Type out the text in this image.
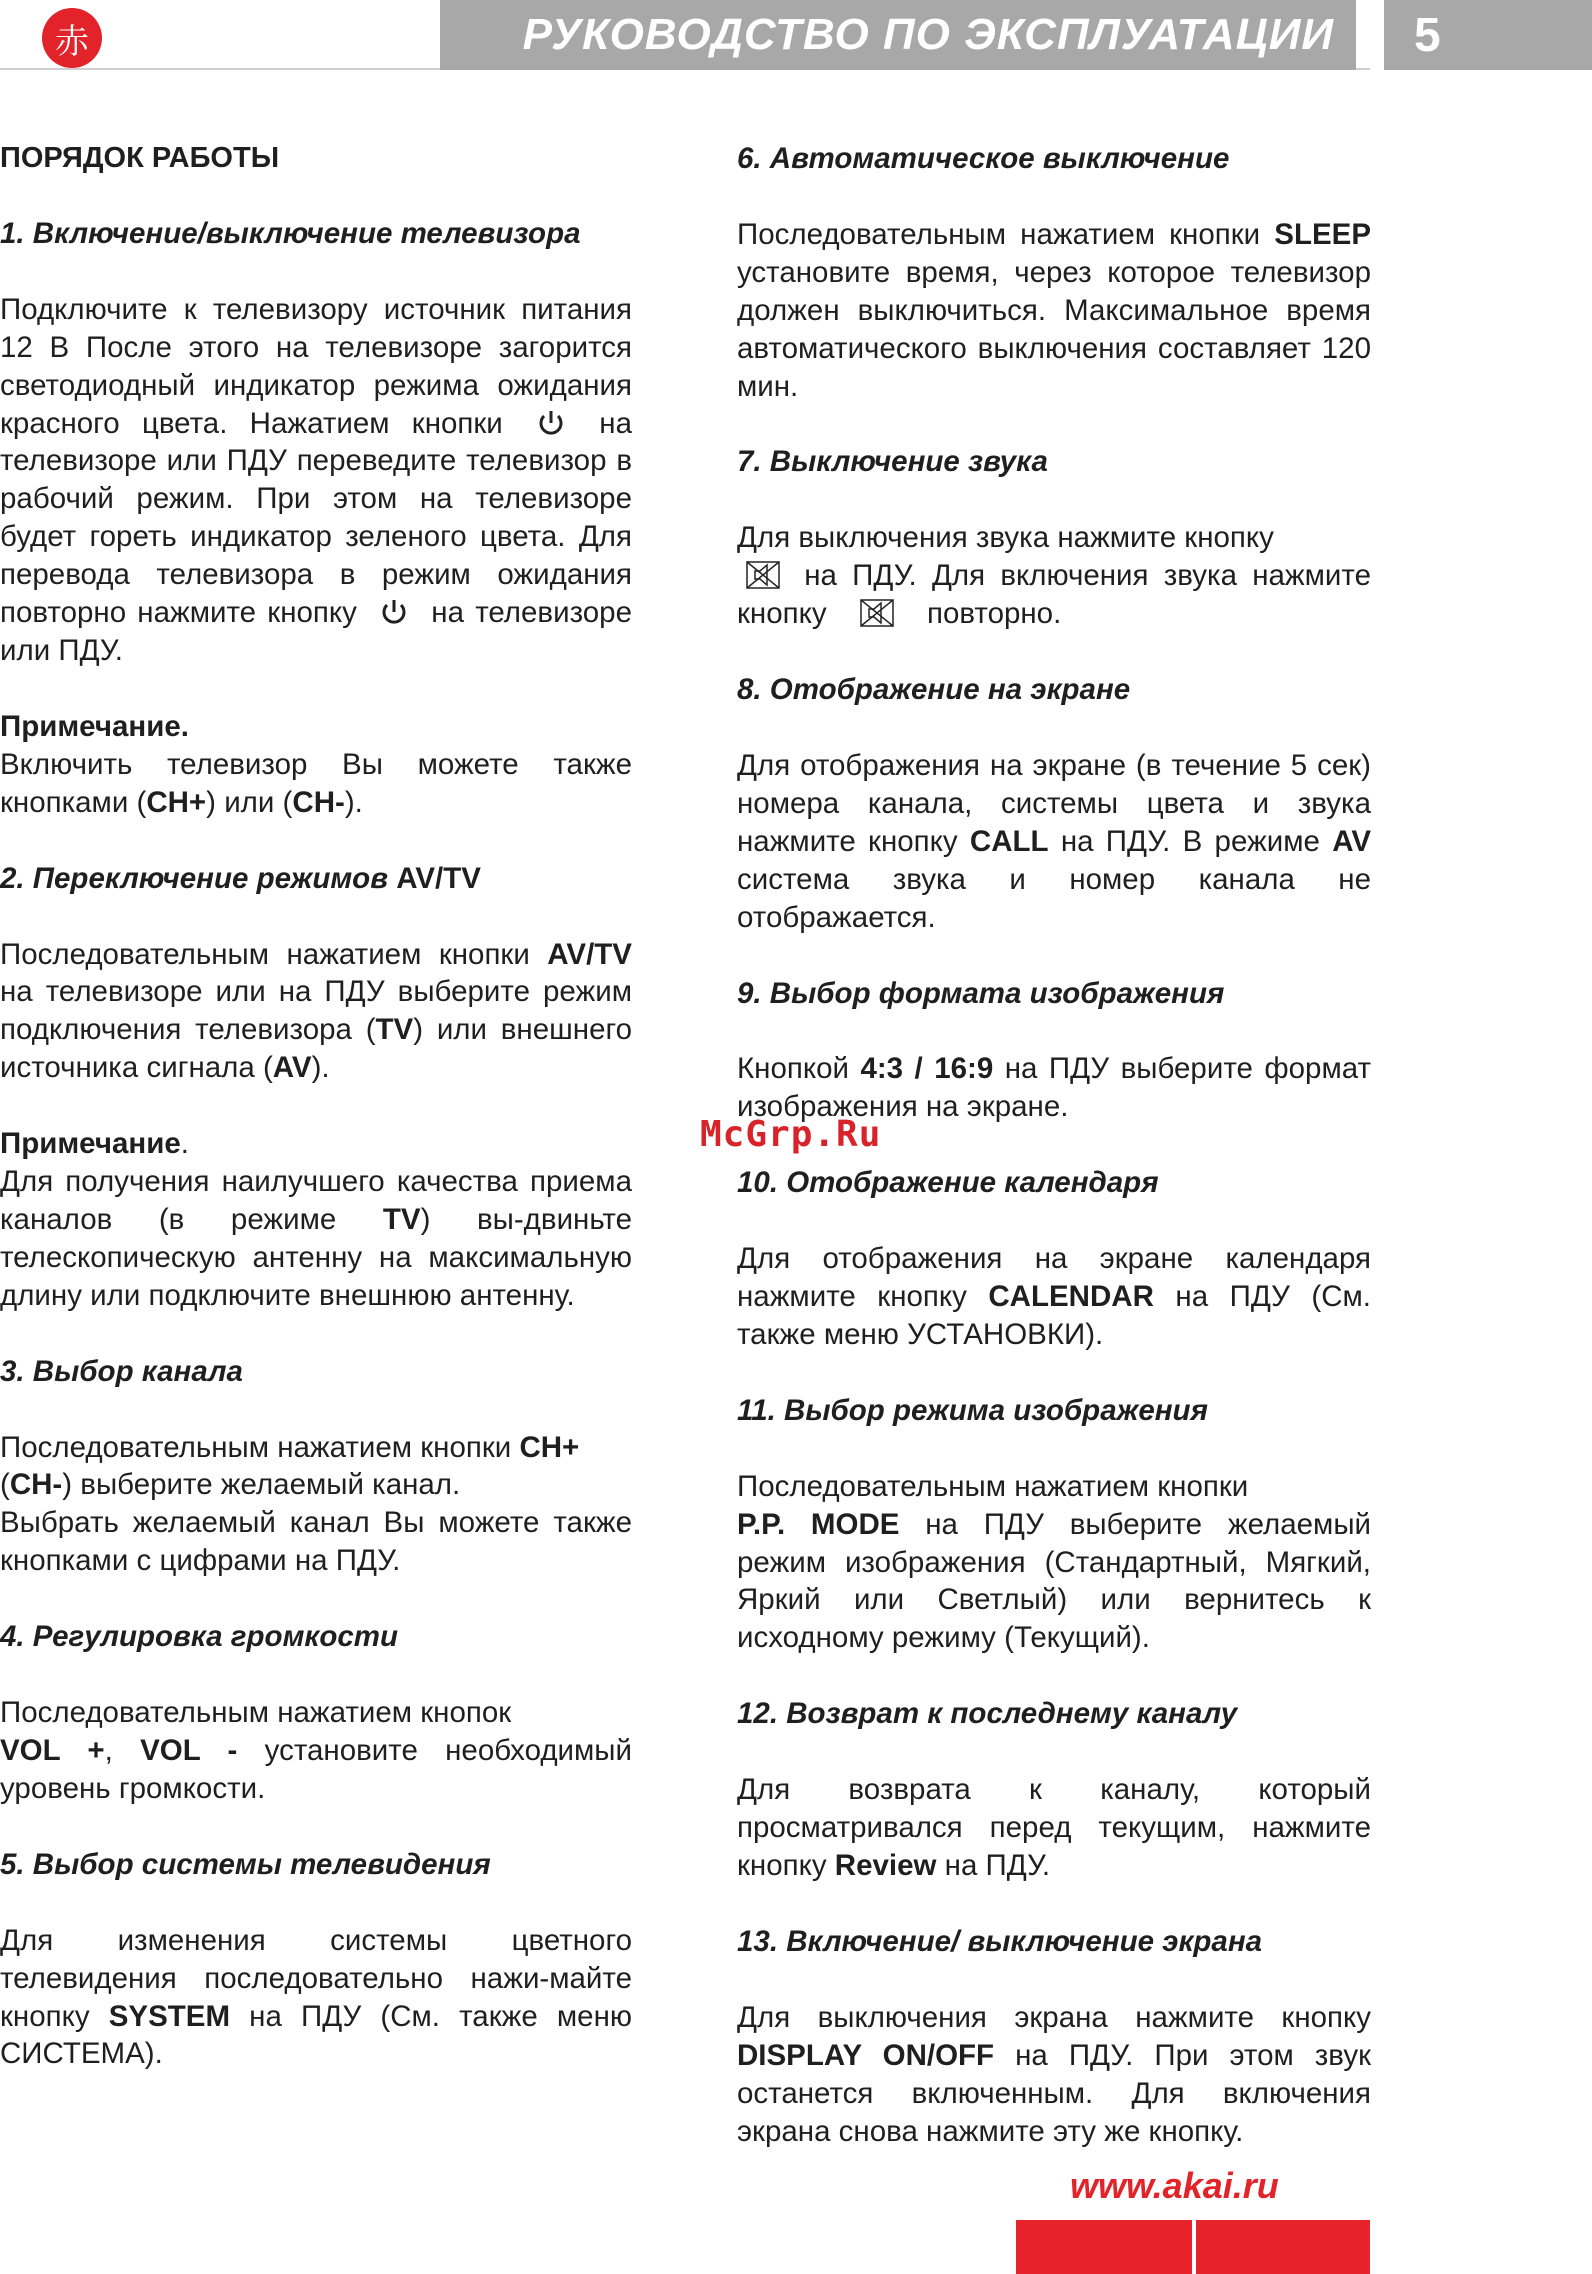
赤	РУКОВОДСТВО ПО ЭКСПЛУАТАЦИИ	5
ПОРЯДОК РАБОТЫ
1. Включение/выключение телевизора
Подключите к телевизору источник питания 12 В После этого на телевизоре загорится светодиодный индикатор режима ожидания красного цвета. Нажатием кнопки	на телевизоре или ПДУ переведите телевизор в рабочий режим. При этом на телевизоре будет гореть индикатор зеленого цвета. Для перевода телевизора в режим ожидания повторно нажмите кнопку	на телевизоре или ПДУ.
Примечание.
Включить телевизор Вы можете также кнопками (CH+) или (CH-).
2. Переключение режимов AV/TV
Последовательным нажатием кнопки AV/TV на телевизоре или на ПДУ выберите режим подключения телевизора (TV) или внешнего источника сигнала (AV).
Примечание.
Для получения наилучшего качества приема каналов (в режиме TV) вы-двиньте телескопическую антенну на максимальную длину или подключите внешнюю антенну.
3. Выбор канала
Последовательным нажатием кнопки CH+
(CH-) выберите желаемый канал.
Выбрать желаемый канал Вы можете также кнопками с цифрами на ПДУ.
4. Регулировка громкости
Последовательным нажатием кнопок
VOL +, VOL - установите необходимый уровень громкости.
5. Выбор системы телевидения
Для изменения системы цветного телевидения последовательно нажи-майте кнопку SYSTEM на ПДУ (См. также меню СИСТЕМА).
6. Автоматическое выключение
Последовательным нажатием кнопки SLEEP установите время, через которое телевизор должен выключиться. Максимальное время автоматического выключения составляет 120 мин.
7. Выключение звука
Для выключения звука нажмите кнопку
на ПДУ. Для включения звука нажмите кнопку	повторно.
8. Отображение на экране
Для отображения на экране (в течение 5 сек) номера канала, системы цвета и звука нажмите кнопку CALL на ПДУ. В режиме AV система звука и номер канала не отображается.
9. Выбор формата изображения
Кнопкой 4:3 / 16:9 на ПДУ выберите формат изображения на экране.
10. Отображение календаря
Для отображения на экране календаря нажмите кнопку CALENDAR на ПДУ (См. также меню УСТАНОВКИ).
11. Выбор режима изображения
Последовательным нажатием кнопки
P.P. MODE на ПДУ выберите желаемый режим изображения (Стандартный, Мягкий, Яркий или Светлый) или вернитесь к исходному режиму (Текущий).
12. Возврат к последнему каналу
Для возврата к каналу, который просматривался перед текущим, нажмите кнопку Review на ПДУ.
13. Включение/ выключение экрана
Для выключения экрана нажмите кнопку DISPLAY ON/OFF на ПДУ. При этом звук останется включенным. Для включения экрана снова нажмите эту же кнопку.
McGrp.Ru
www.akai.ru
